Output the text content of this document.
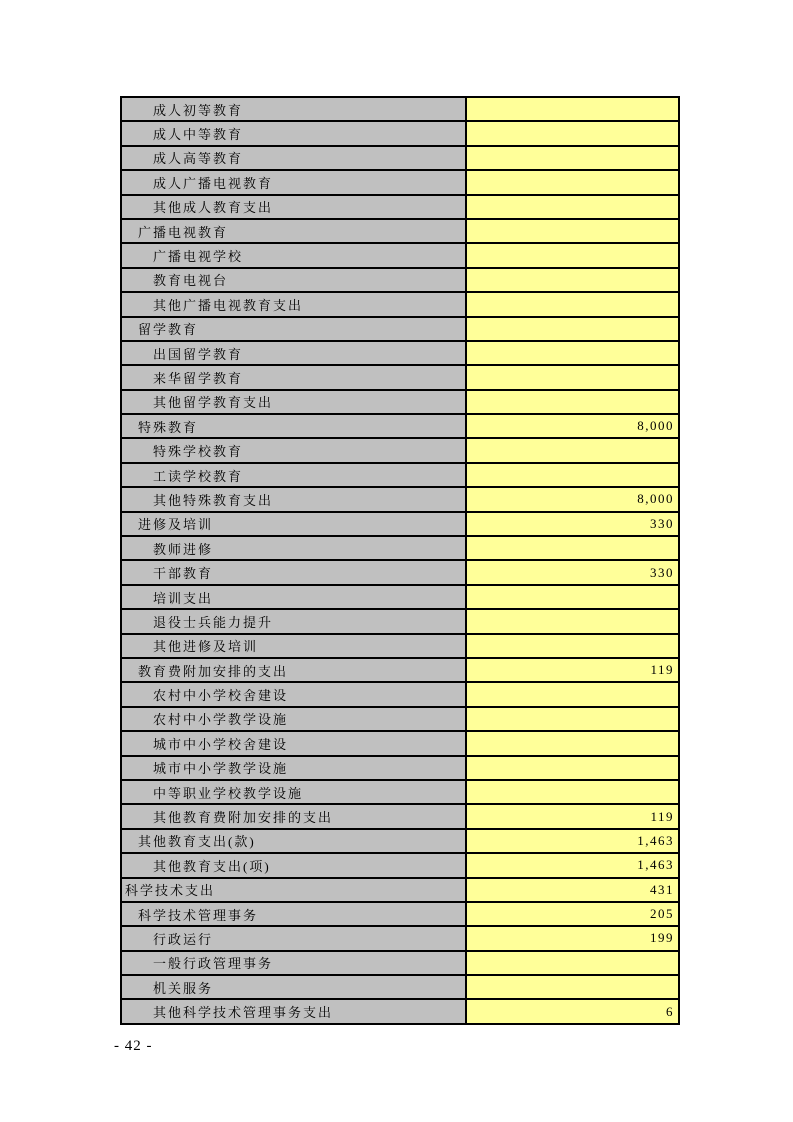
成人初等教育
成人中等教育
成人高等教育
成人广播电视教育
其他成人教育支出
广播电视教育
广播电视学校
教育电视台
其他广播电视教育支出
留学教育
出国留学教育
来华留学教育
其他留学教育支出
特殊教育	8,000
特殊学校教育
工读学校教育
其他特殊教育支出	8,000
进修及培训	330
教师进修
干部教育	330
培训支出
退役士兵能力提升
其他进修及培训
教育费附加安排的支出	119
农村中小学校舍建设
农村中小学教学设施
城市中小学校舍建设
城市中小学教学设施
中等职业学校教学设施
其他教育费附加安排的支出	119
其他教育支出(款)	1,463
其他教育支出(项)	1,463
科学技术支出	431
科学技术管理事务	205
行政运行	199
一般行政管理事务
机关服务
其他科学技术管理事务支出	6
- 42 -
